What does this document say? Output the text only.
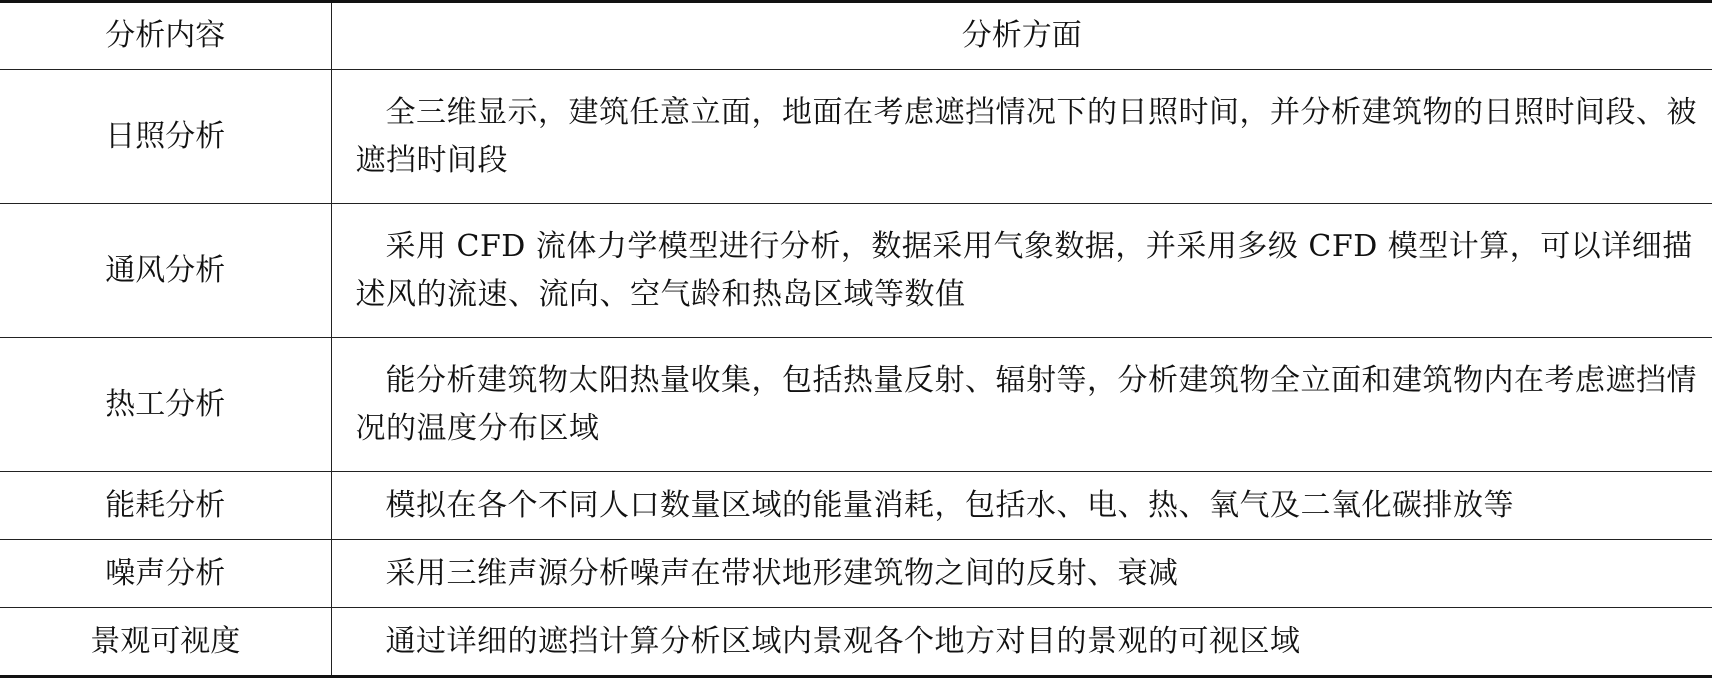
分析内容	分析方面
日照分析	全三维显示，建筑任意立面，地面在考虑遮挡情况下的日照时间，并分析建筑物的日照时间段、被遮挡时间段

通风分析	采用 CFD 流体力学模型进行分析，数据采用气象数据，并采用多级 CFD 模型计算，可以详细描述风的流速、流向、空气龄和热岛区域等数值

热工分析	能分析建筑物太阳热量收集，包括热量反射、辐射等，分析建筑物全立面和建筑物内在考虑遮挡情况的温度分布区域

能耗分析	模拟在各个不同人口数量区域的能量消耗，包括水、电、热、氧气及二氧化碳排放等

噪声分析	采用三维声源分析噪声在带状地形建筑物之间的反射、衰减

景观可视度	通过详细的遮挡计算分析区域内景观各个地方对目的景观的可视区域
